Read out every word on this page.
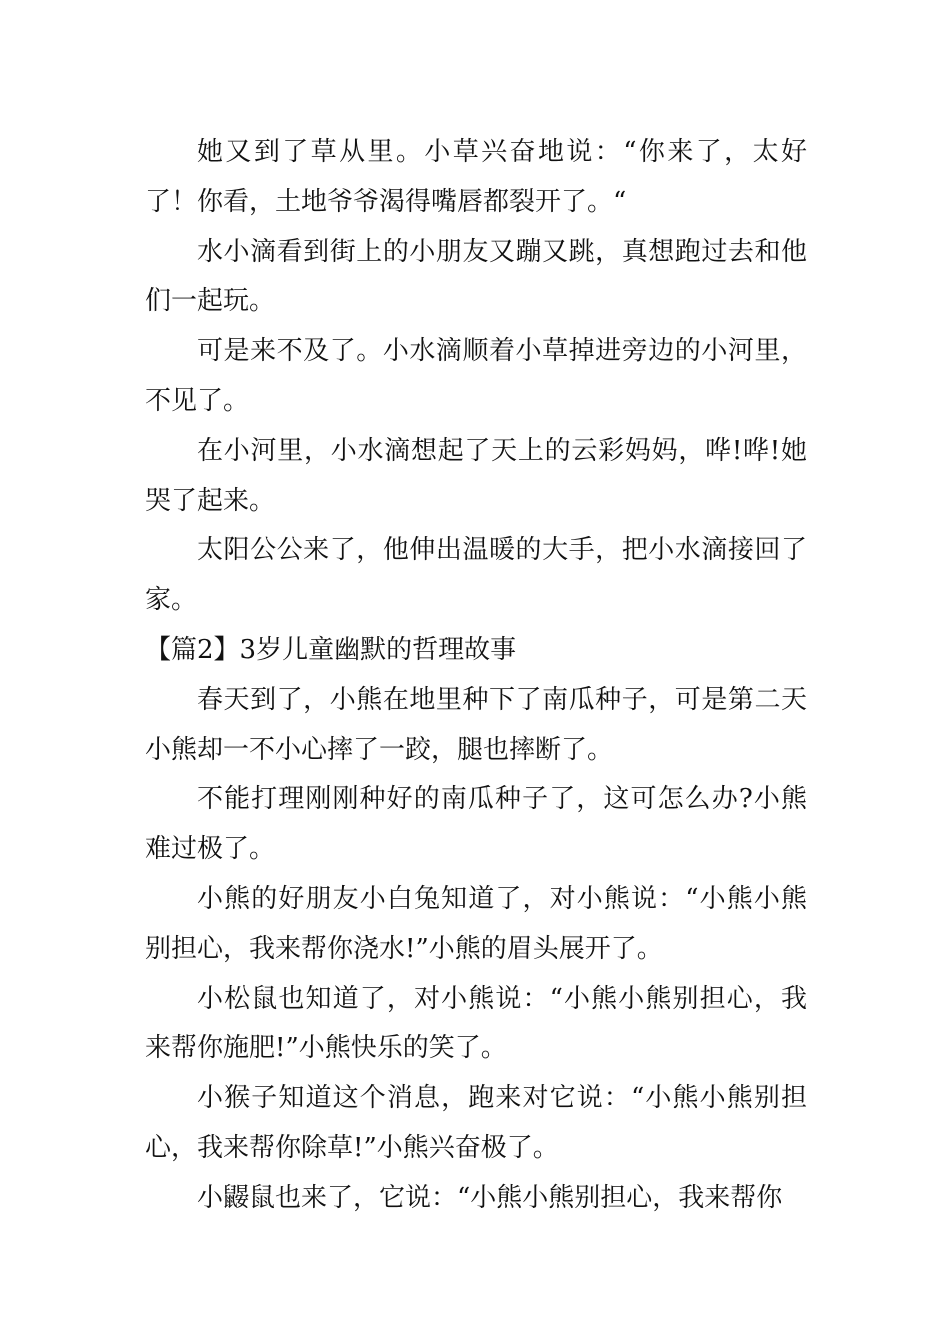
她又到了草从里。小草兴奋地说：“你来了，太好了！你看，土地爷爷渴得嘴唇都裂开了。“

水小滴看到街上的小朋友又蹦又跳，真想跑过去和他们一起玩。

可是来不及了。小水滴顺着小草掉进旁边的小河里，不见了。

在小河里，小水滴想起了天上的云彩妈妈，哗!哗!她哭了起来。

太阳公公来了，他伸出温暖的大手，把小水滴接回了家。

【篇2】3岁儿童幽默的哲理故事

春天到了，小熊在地里种下了南瓜种子，可是第二天小熊却一不小心摔了一跤，腿也摔断了。

不能打理刚刚种好的南瓜种子了，这可怎么办?小熊难过极了。

小熊的好朋友小白兔知道了，对小熊说：“小熊小熊别担心，我来帮你浇水!”小熊的眉头展开了。

小松鼠也知道了，对小熊说：“小熊小熊别担心，我来帮你施肥!”小熊快乐的笑了。

小猴子知道这个消息，跑来对它说：“小熊小熊别担心，我来帮你除草!”小熊兴奋极了。

小鼹鼠也来了，它说：“小熊小熊别担心，我来帮你
